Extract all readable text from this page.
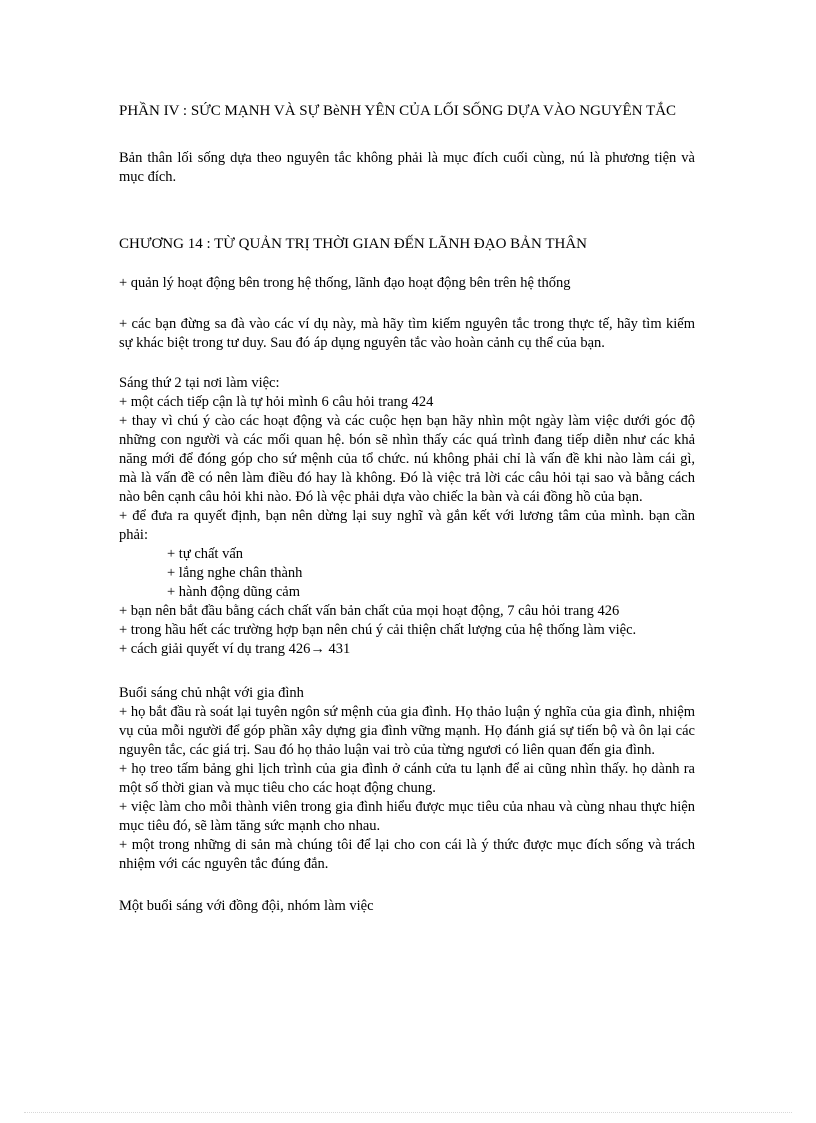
PHẦN IV : SỨC MẠNH VÀ SỰ BèNH YÊN CỦA LỐI SỐNG DỰA VÀO NGUYÊN TẮC

Bản thân lối sống dựa theo nguyên tắc không phải là mục đích cuối cùng, nú là phương tiện và mục đích.

CHƯƠNG 14 : TỪ QUẢN TRỊ THỜI GIAN ĐẾN LÃNH ĐẠO BẢN THÂN

+ quản lý hoạt động bên trong hệ thống, lãnh đạo hoạt động bên trên hệ thống

+ các bạn đừng sa đà vào các ví dụ này, mà hãy tìm kiếm nguyên tắc trong thực tế, hãy tìm kiếm sự khác biệt trong tư duy. Sau đó áp dụng nguyên tắc vào hoàn cảnh cụ thể của bạn.

Sáng thứ 2 tại nơi làm việc:

+ một cách tiếp cận là tự hỏi mình 6 câu hỏi trang 424

+ thay vì chú ý cào các hoạt động và các cuộc hẹn bạn hãy nhìn một ngày làm việc dưới góc độ những con người và các mối quan hệ. bón sẽ nhìn thấy các quá trình đang tiếp diễn như các khả năng mới để đóng góp cho sứ mệnh của tổ chức. nú không phải chỉ là vấn đề khi nào làm cái gì, mà là vấn đề có nên làm điều đó hay là không. Đó là việc trả lời các câu hỏi tại sao và bằng cách nào bên cạnh câu hỏi khi nào. Đó là vệc phải dựa vào chiếc la bàn và cái đồng hồ của bạn.

+ để đưa ra quyết định, bạn nên dừng lại suy nghĩ và gắn kết với lương tâm của mình. bạn cần phải:

+ tự chất vấn

+ lắng nghe chân thành

+ hành động dũng cảm

+ bạn nên bắt đầu bằng cách chất vấn bản chất của mọi hoạt động, 7 câu hỏi trang 426

+ trong hầu hết các trường hợp bạn nên chú ý cải thiện chất lượng của hệ thống làm việc.

+ cách giải quyết ví dụ trang 426→ 431

Buổi sáng chủ nhật với gia đình

+ họ bắt đầu rà soát lại tuyên ngôn sứ mệnh của gia đình. Họ thảo luận ý nghĩa của gia đình, nhiệm vụ của mỗi người để góp phần xây dựng gia đình vững mạnh. Họ đánh giá sự tiến bộ và ôn lại các nguyên tắc, các giá trị. Sau đó họ thảo luận vai trò của từng ngươi có liên quan đến gia đình.

+ họ treo tấm bảng ghi lịch trình của gia đình ở cánh cửa tu lạnh để ai cũng nhìn thấy. họ dành ra một số thời gian và mục tiêu cho các hoạt động chung.

+ việc làm cho mỗi thành viên trong gia đình hiểu được mục tiêu của nhau và cùng nhau thực hiện mục tiêu đó, sẽ làm tăng sức mạnh cho nhau.

+ một trong những di sản mà chúng tôi để lại cho con cái là ý thức được mục đích sống và trách nhiệm với các nguyên tắc đúng đắn.

Một buổi sáng với đồng đội, nhóm làm việc
